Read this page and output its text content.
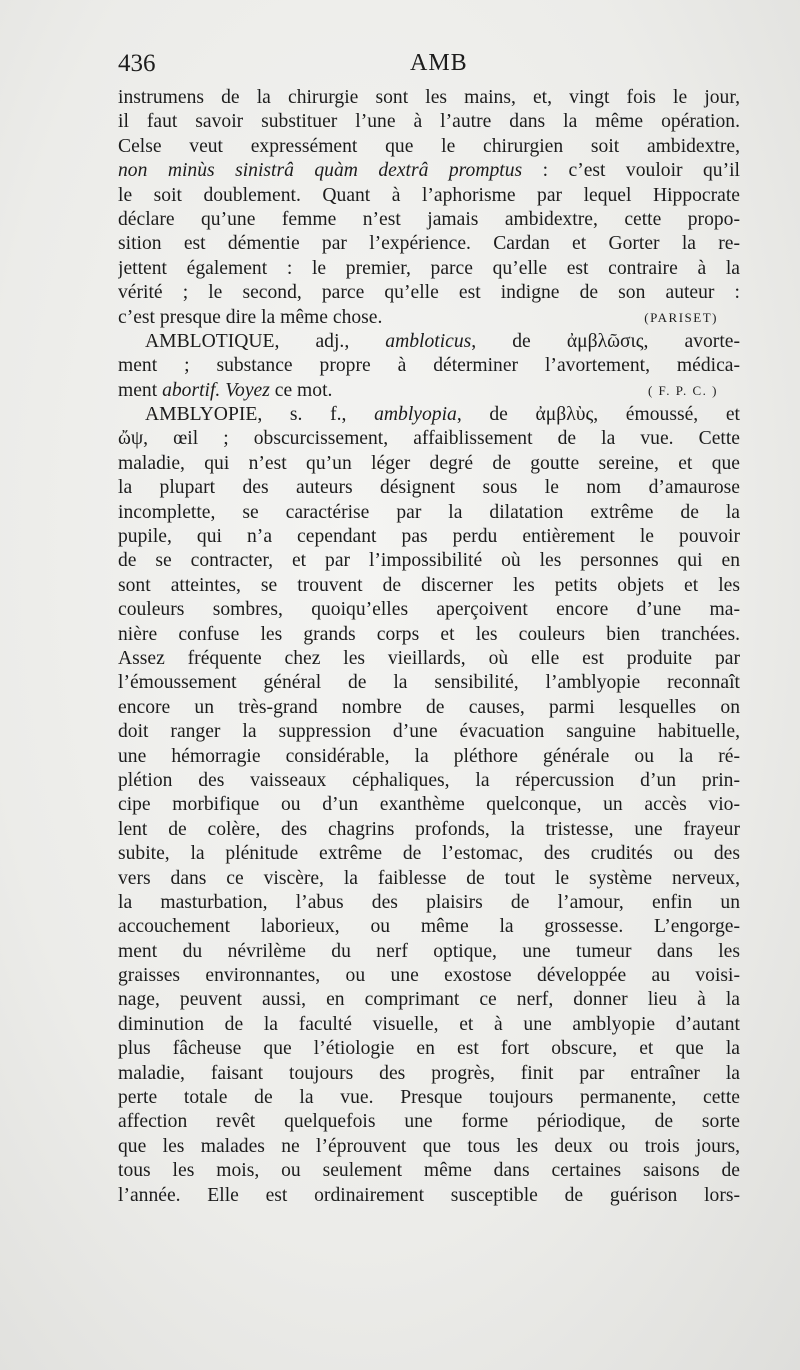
436	AMB
instrumens de la chirurgie sont les mains, et, vingt fois le jour,
il faut savoir substituer l’une à l’autre dans la même opération.
Celse veut expressément que le chirurgien soit ambidextre,
non minùs sinistrâ quàm dextrâ promptus : c’est vouloir qu’il
le soit doublement. Quant à l’aphorisme par lequel Hippocrate
déclare qu’une femme n’est jamais ambidextre, cette propo-
sition est démentie par l’expérience. Cardan et Gorter la re-
jettent également : le premier, parce qu’elle est contraire à la
vérité ; le second, parce qu’elle est indigne de son auteur :
c’est presque dire la même chose.	(PARISET)
AMBLOTIQUE, adj., ambloticus, de ἀμβλῶσις, avorte-
ment ; substance propre à déterminer l’avortement, médica-
ment abortif. Voyez ce mot.	( F. P. C. )
AMBLYOPIE, s. f., amblyopia, de ἀμβλὺς, émoussé, et
ὤψ, œil ; obscurcissement, affaiblissement de la vue. Cette
maladie, qui n’est qu’un léger degré de goutte sereine, et que
la plupart des auteurs désignent sous le nom d’amaurose
incomplette, se caractérise par la dilatation extrême de la
pupile, qui n’a cependant pas perdu entièrement le pouvoir
de se contracter, et par l’impossibilité où les personnes qui en
sont atteintes, se trouvent de discerner les petits objets et les
couleurs sombres, quoiqu’elles aperçoivent encore d’une ma-
nière confuse les grands corps et les couleurs bien tranchées.
Assez fréquente chez les vieillards, où elle est produite par
l’émoussement général de la sensibilité, l’amblyopie reconnaît
encore un très-grand nombre de causes, parmi lesquelles on
doit ranger la suppression d’une évacuation sanguine habituelle,
une hémorragie considérable, la pléthore générale ou la ré-
plétion des vaisseaux céphaliques, la répercussion d’un prin-
cipe morbifique ou d’un exanthème quelconque, un accès vio-
lent de colère, des chagrins profonds, la tristesse, une frayeur
subite, la plénitude extrême de l’estomac, des crudités ou des
vers dans ce viscère, la faiblesse de tout le système nerveux,
la masturbation, l’abus des plaisirs de l’amour, enfin un
accouchement laborieux, ou même la grossesse. L’engorge-
ment du névrilème du nerf optique, une tumeur dans les
graisses environnantes, ou une exostose développée au voisi-
nage, peuvent aussi, en comprimant ce nerf, donner lieu à la
diminution de la faculté visuelle, et à une amblyopie d’autant
plus fâcheuse que l’étiologie en est fort obscure, et que la
maladie, faisant toujours des progrès, finit par entraîner la
perte totale de la vue. Presque toujours permanente, cette
affection revêt quelquefois une forme périodique, de sorte
que les malades ne l’éprouvent que tous les deux ou trois jours,
tous les mois, ou seulement même dans certaines saisons de
l’année. Elle est ordinairement susceptible de guérison lors-
